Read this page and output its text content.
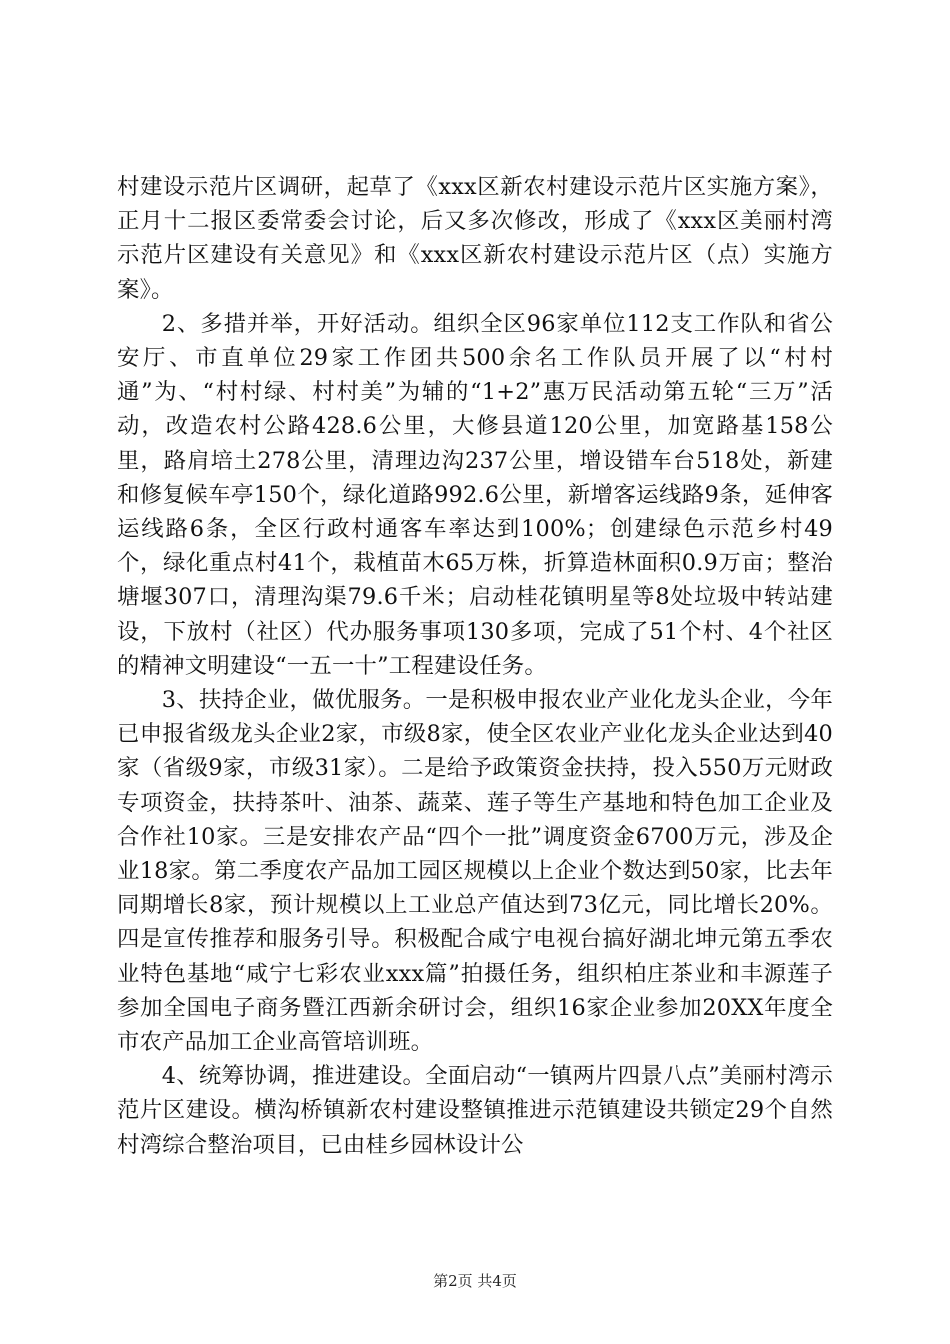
村建设示范片区调研，起草了《xxx区新农村建设示范片区实施方案》，正月十二报区委常委会讨论，后又多次修改，形成了《xxx区美丽村湾示范片区建设有关意见》和《xxx区新农村建设示范片区（点）实施方案》。

2、多措并举，开好活动。组织全区96家单位112支工作队和省公安厅、市直单位29家工作团共500余名工作队员开展了以“村村通”为、“村村绿、村村美”为辅的“1+2”惠万民活动第五轮“三万”活动，改造农村公路428.6公里，大修县道120公里，加宽路基158公里，路肩培土278公里，清理边沟237公里，增设错车台518处，新建和修复候车亭150个，绿化道路992.6公里，新增客运线路9条，延伸客运线路6条，全区行政村通客车率达到100%；创建绿色示范乡村49个，绿化重点村41个，栽植苗木65万株，折算造林面积0.9万亩；整治塘堰307口，清理沟渠79.6千米；启动桂花镇明星等8处垃圾中转站建设，下放村（社区）代办服务事项130多项，完成了51个村、4个社区的精神文明建设“一五一十”工程建设任务。

3、扶持企业，做优服务。一是积极申报农业产业化龙头企业，今年已申报省级龙头企业2家，市级8家，使全区农业产业化龙头企业达到40家（省级9家，市级31家）。二是给予政策资金扶持，投入550万元财政专项资金，扶持茶叶、油茶、蔬菜、莲子等生产基地和特色加工企业及合作社10家。三是安排农产品“四个一批”调度资金6700万元，涉及企业18家。第二季度农产品加工园区规模以上企业个数达到50家，比去年同期增长8家，预计规模以上工业总产值达到73亿元，同比增长20%。四是宣传推荐和服务引导。积极配合咸宁电视台搞好湖北坤元第五季农业特色基地“咸宁七彩农业xxx篇”拍摄任务，组织柏庄茶业和丰源莲子参加全国电子商务暨江西新余研讨会，组织16家企业参加20XX年度全市农产品加工企业高管培训班。

4、统筹协调，推进建设。全面启动“一镇两片四景八点”美丽村湾示范片区建设。横沟桥镇新农村建设整镇推进示范镇建设共锁定29个自然村湾综合整治项目，已由桂乡园林设计公

第2页 共4页
